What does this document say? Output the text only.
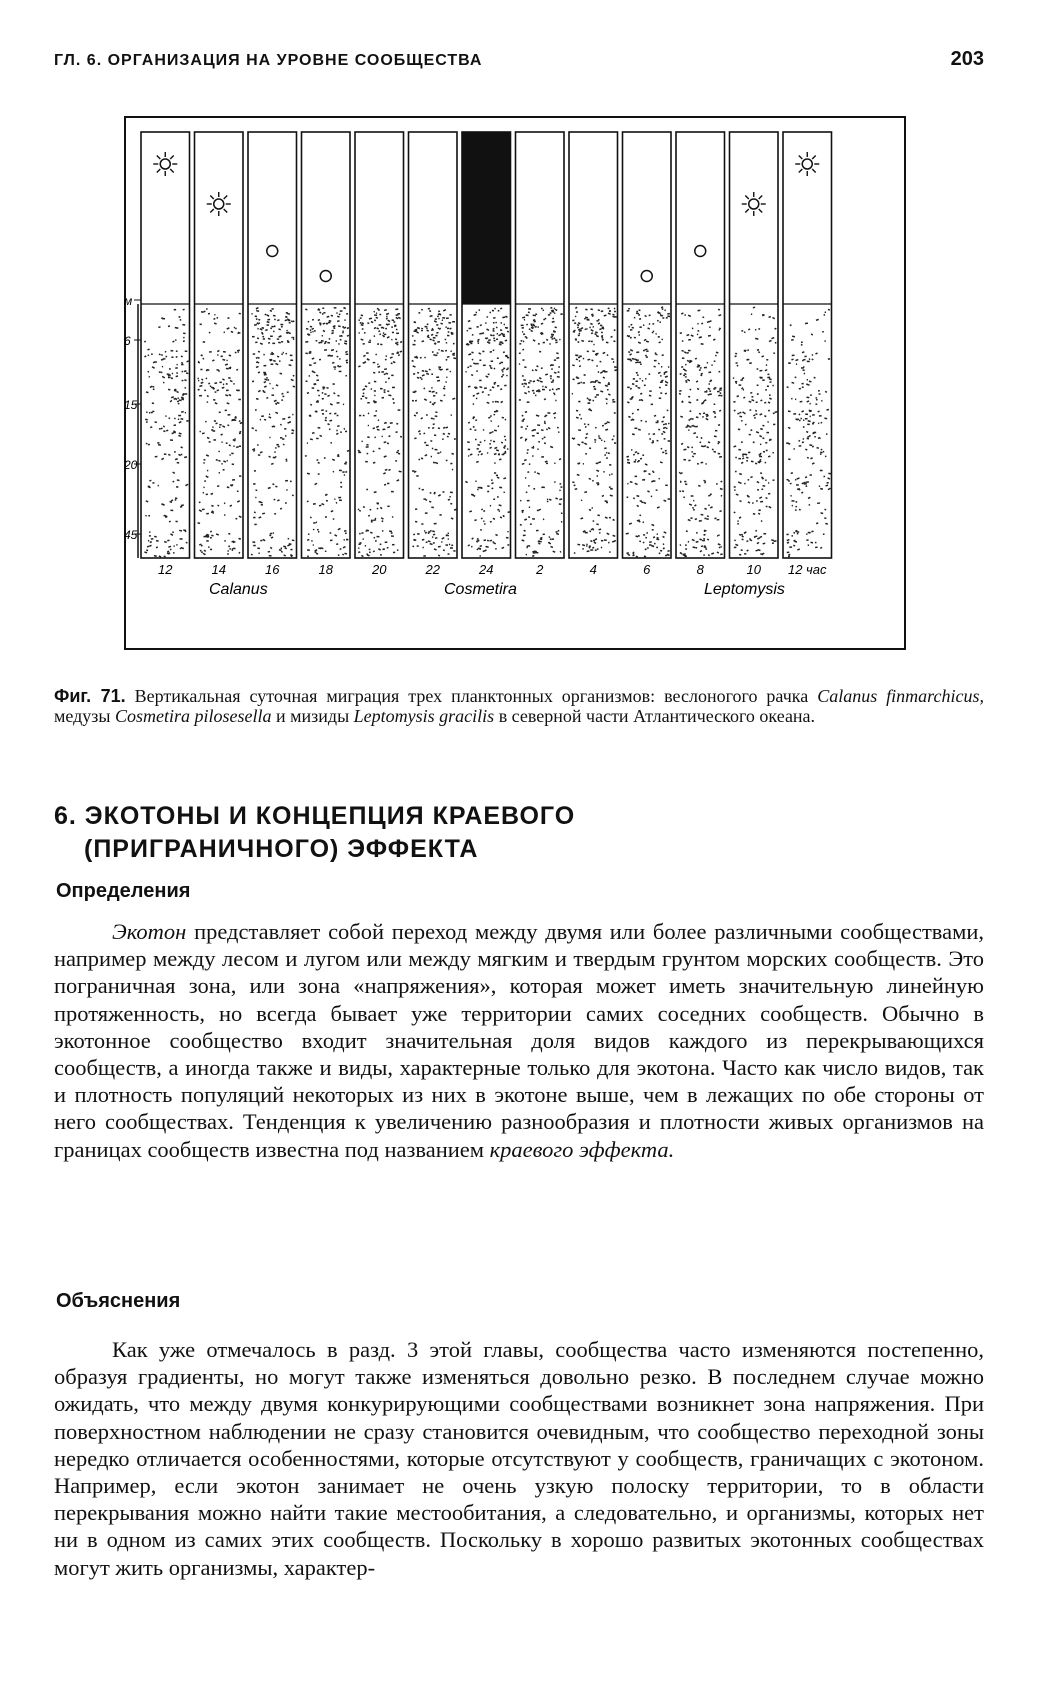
ГЛ. 6. ОРГАНИЗАЦИЯ НА УРОВНЕ СООБЩЕСТВА	203
м
6
15
20
45
12	14	16	18	20	22	24	2	4	6	8	10 12 час
Calanus	Cosmetira	Leptomysis
Фиг. 71. Вертикальная суточная миграция трех планктонных организмов: веслоногого рачка Calanus finmarchicus, медузы Cosmetira pilosesella и мизиды Leptomysis gracilis в северной части Атлантического океана.
6. ЭКОТОНЫ И КОНЦЕПЦИЯ КРАЕВОГО
(ПРИГРАНИЧНОГО) ЭФФЕКТА
Определения
Экотон представляет собой переход между двумя или более различными сообществами, например между лесом и лугом или между мягким и твердым грунтом морских сообществ. Это пограничная зона, или зона «напряжения», которая может иметь значительную линейную протяженность, но всегда бывает уже территории самих соседних сообществ. Обычно в экотонное сообщество входит значительная доля видов каждого из перекрывающихся сообществ, а иногда также и виды, характерные только для экотона. Часто как число видов, так и плотность популяций некоторых из них в экотоне выше, чем в лежащих по обе стороны от него сообществах. Тенденция к увеличению разнообразия и плотности живых организмов на границах сообществ известна под названием краевого эффекта.
Объяснения
Как уже отмечалось в разд. 3 этой главы, сообщества часто изменяются постепенно, образуя градиенты, но могут также изменяться довольно резко. В последнем случае можно ожидать, что между двумя конкурирующими сообществами возникнет зона напряжения. При поверхностном наблюдении не сразу становится очевидным, что сообщество переходной зоны нередко отличается особенностями, которые отсутствуют у сообществ, граничащих с экотоном. Например, если экотон занимает не очень узкую полоску территории, то в области перекрывания можно найти такие местообитания, а следовательно, и организмы, которых нет ни в одном из самих этих сообществ. Поскольку в хорошо развитых экотонных сообществах могут жить организмы, характер-
